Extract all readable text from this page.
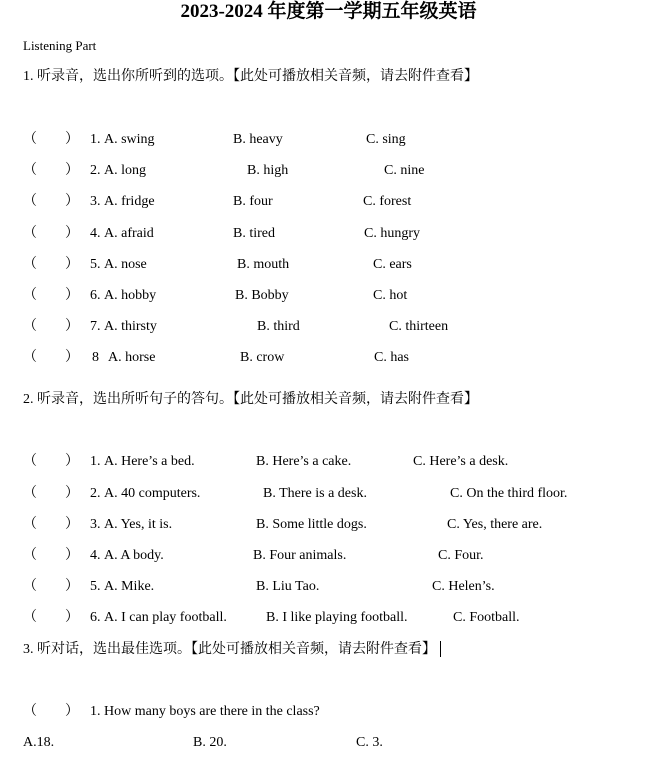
2023-2024 年度第一学期五年级英语
Listening Part
1. 听录音，选出你所听到的选项。【此处可播放相关音频，请去附件查看】
（　　） 1. A. swing	B. heavy	C. sing
（　　） 2. A. long	B. high	C. nine
（　　） 3. A. fridge	B. four	C. forest
（　　） 4. A. afraid	B. tired	C. hungry
（　　） 5. A. nose	B. mouth	C. ears
（　　） 6. A. hobby	B. Bobby	C. hot
（　　） 7. A. thirsty	B. third	C. thirteen
（　　） 8 A. horse	B. crow	C. has
2. 听录音，选出所听句子的答句。【此处可播放相关音频，请去附件查看】
（　　） 1. A. Here’s a bed.	B. Here’s a cake.	C. Here’s a desk.
（　　） 2. A. 40 computers.	B. There is a desk.	C. On the third floor.
（　　） 3. A. Yes, it is.	B. Some little dogs.	C. Yes, there are.
（　　） 4. A. A body.	B. Four animals.	C. Four.
（　　） 5. A. Mike.	B. Liu Tao.	C. Helen’s.
（　　） 6. A. I can play football.	B. I like playing football.	C. Football.
3. 听对话，选出最佳选项。【此处可播放相关音频，请去附件查看】
（　　） 1. How many boys are there in the class?
A.18.	B. 20.	C. 3.
